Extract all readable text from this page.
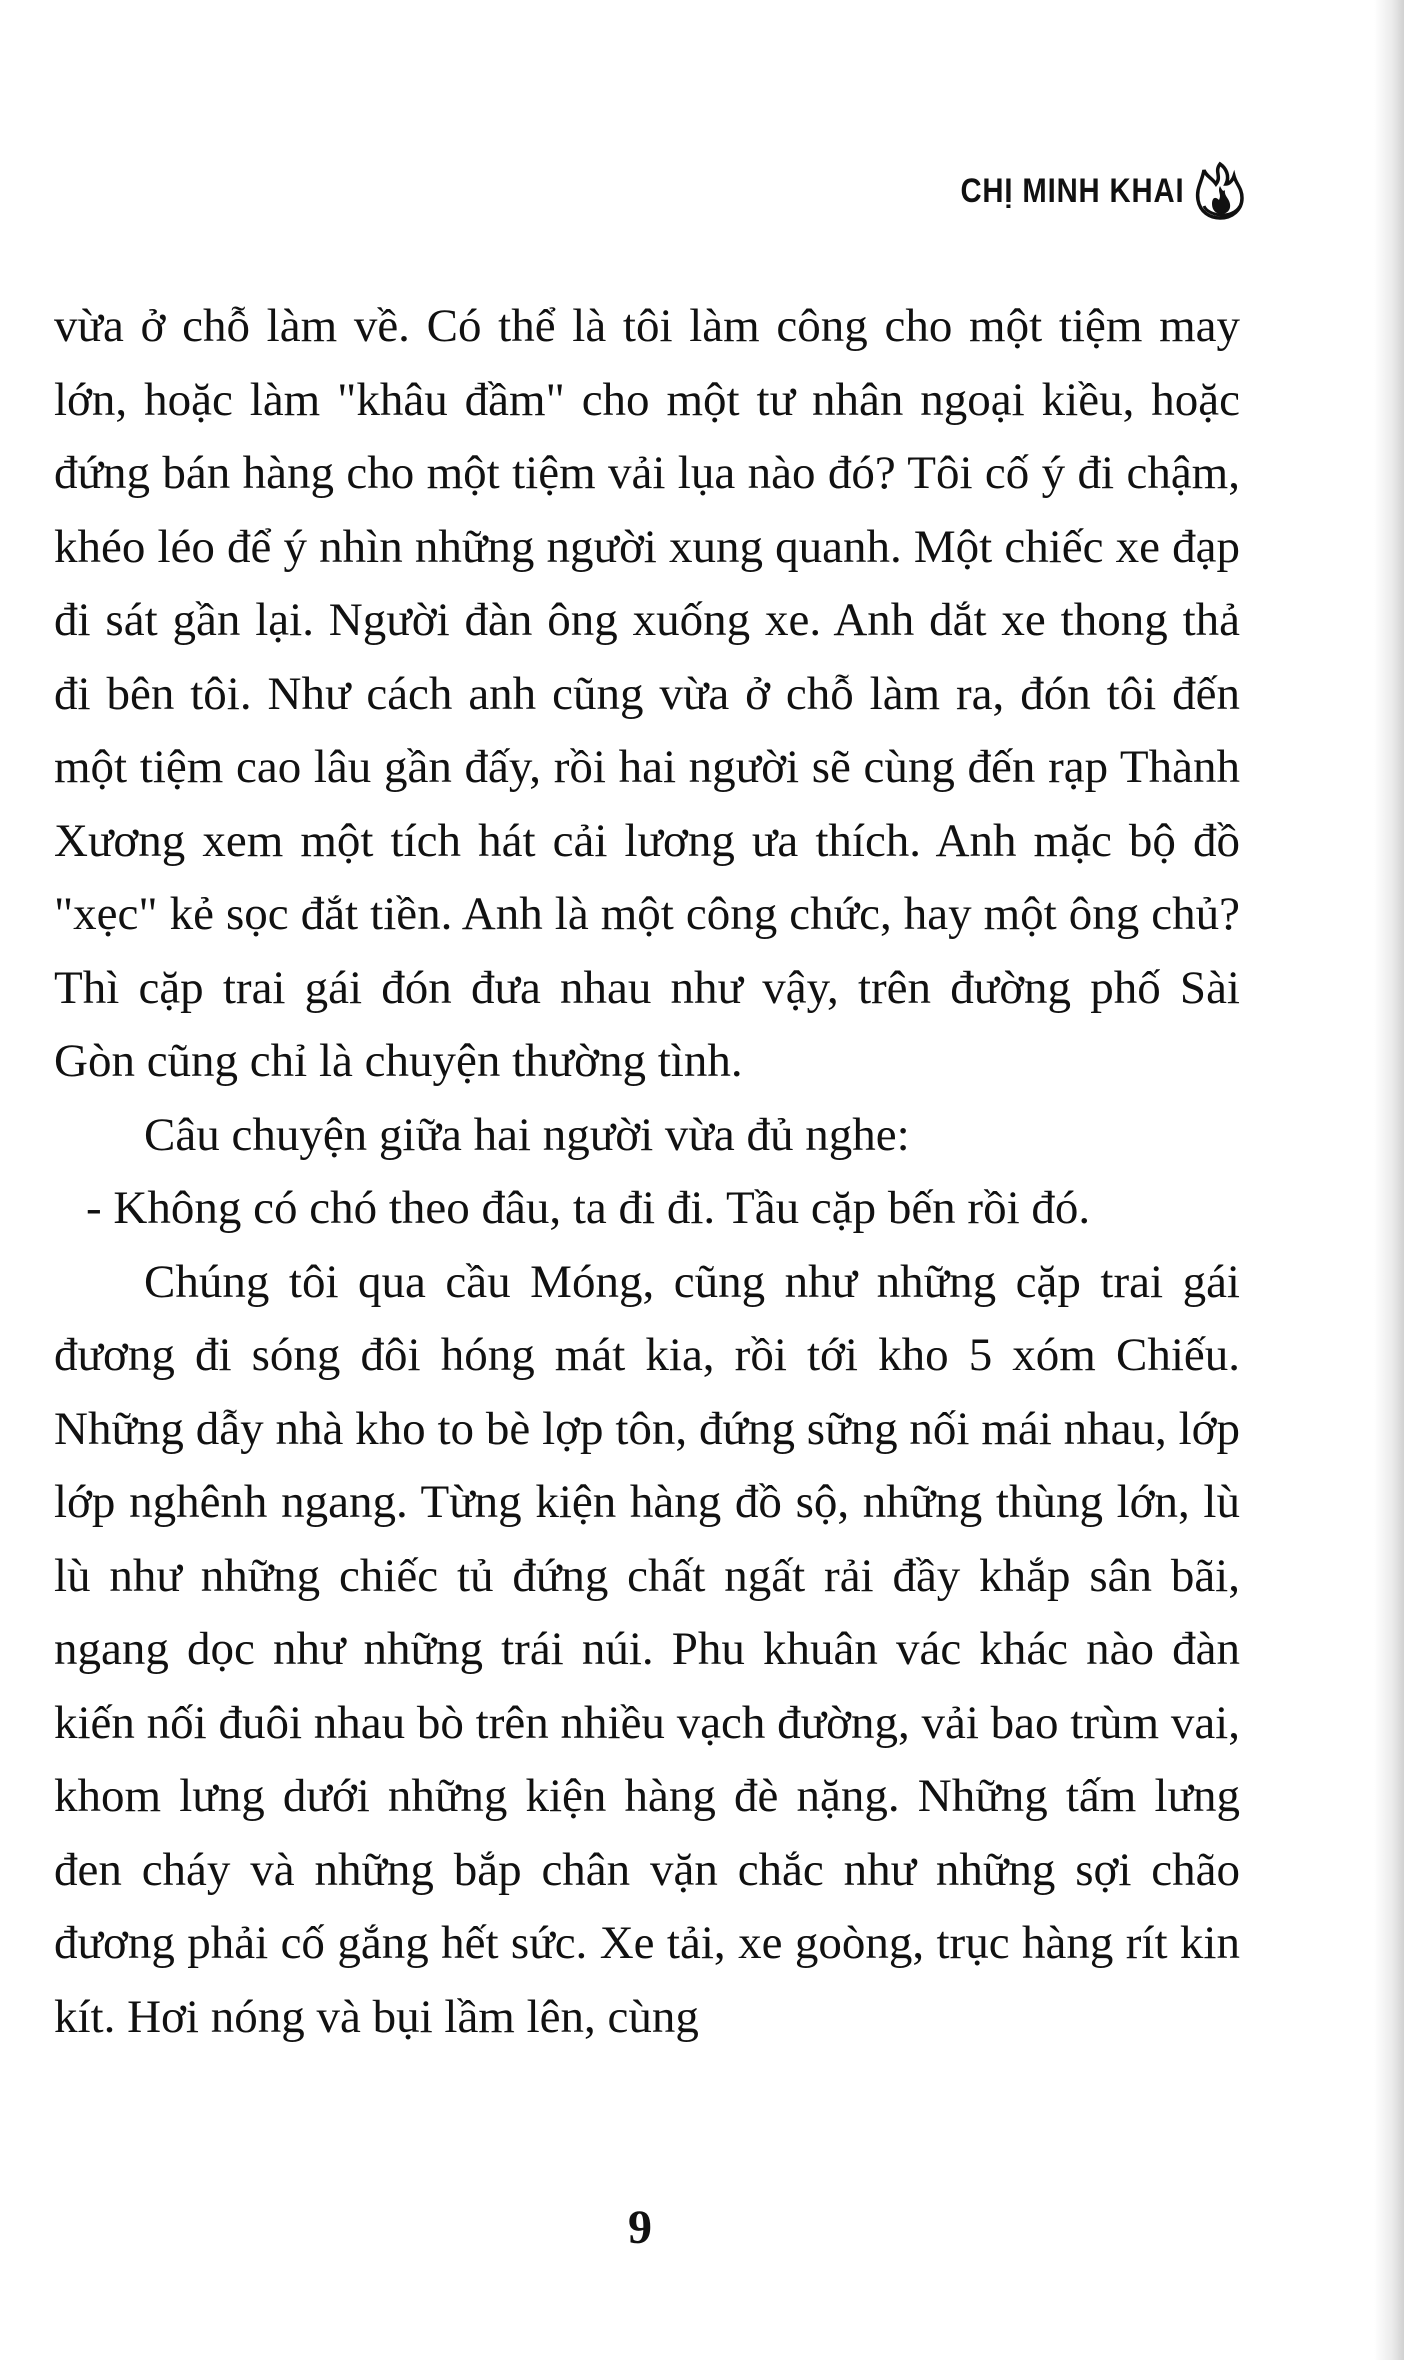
CHỊ MINH KHAI

vừa ở chỗ làm về. Có thể là tôi làm công cho một tiệm may lớn, hoặc làm "khâu đầm" cho một tư nhân ngoại kiều, hoặc đứng bán hàng cho một tiệm vải lụa nào đó? Tôi cố ý đi chậm, khéo léo để ý nhìn những người xung quanh. Một chiếc xe đạp đi sát gần lại. Người đàn ông xuống xe. Anh dắt xe thong thả đi bên tôi. Như cách anh cũng vừa ở chỗ làm ra, đón tôi đến một tiệm cao lâu gần đấy, rồi hai người sẽ cùng đến rạp Thành Xương xem một tích hát cải lương ưa thích. Anh mặc bộ đồ "xẹc" kẻ sọc đắt tiền. Anh là một công chức, hay một ông chủ? Thì cặp trai gái đón đưa nhau như vậy, trên đường phố Sài Gòn cũng chỉ là chuyện thường tình.

Câu chuyện giữa hai người vừa đủ nghe:

- Không có chó theo đâu, ta đi đi. Tầu cặp bến rồi đó.

Chúng tôi qua cầu Móng, cũng như những cặp trai gái đương đi sóng đôi hóng mát kia, rồi tới kho 5 xóm Chiếu. Những dẫy nhà kho to bè lợp tôn, đứng sững nối mái nhau, lớp lớp nghênh ngang. Từng kiện hàng đồ sộ, những thùng lớn, lù lù như những chiếc tủ đứng chất ngất rải đầy khắp sân bãi, ngang dọc như những trái núi. Phu khuân vác khác nào đàn kiến nối đuôi nhau bò trên nhiều vạch đường, vải bao trùm vai, khom lưng dưới những kiện hàng đè nặng. Những tấm lưng đen cháy và những bắp chân vặn chắc như những sợi chão đương phải cố gắng hết sức. Xe tải, xe goòng, trục hàng rít kin kít. Hơi nóng và bụi lầm lên, cùng

9
